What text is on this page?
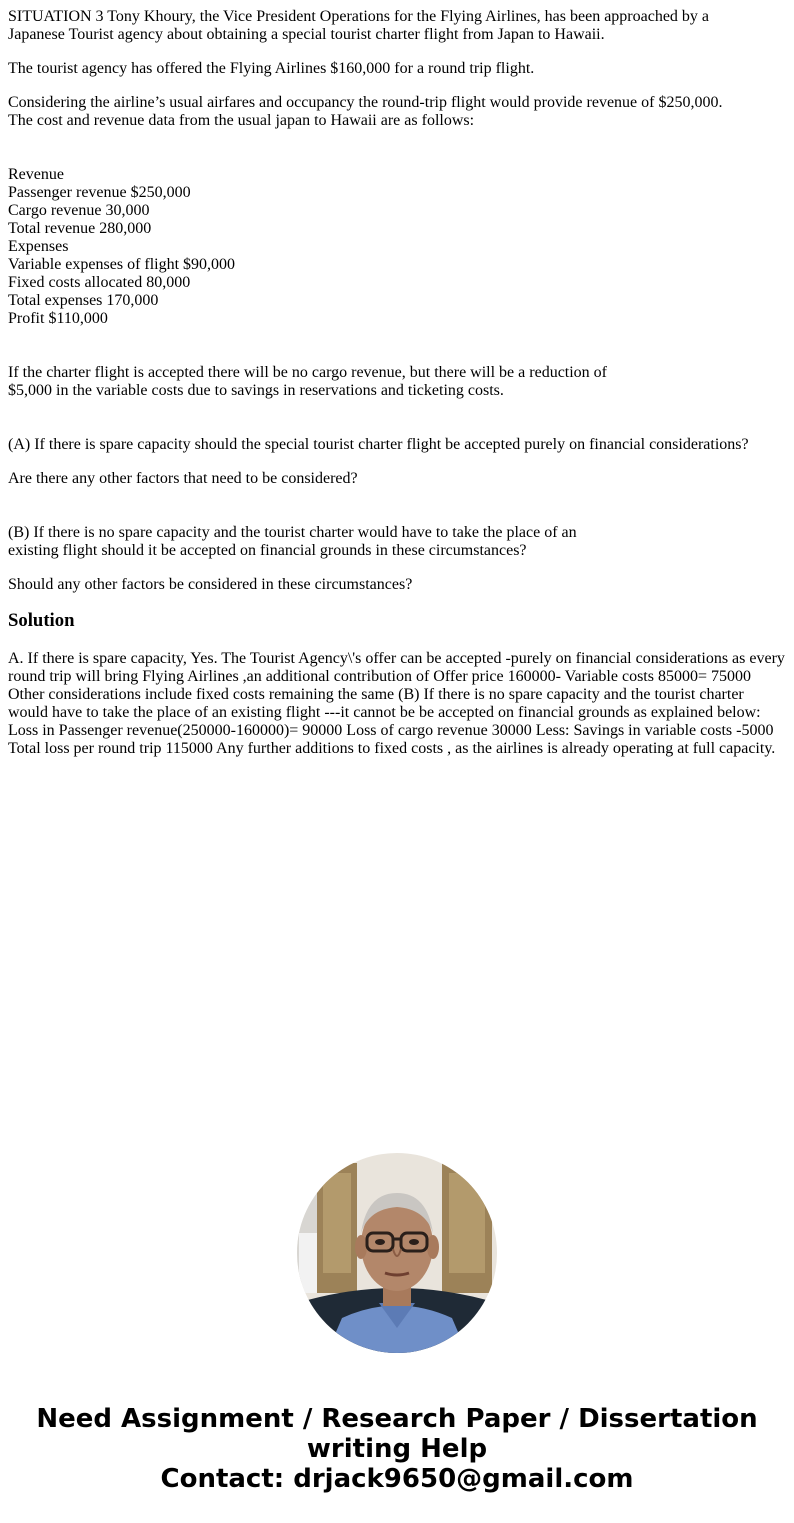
SITUATION 3 Tony Khoury, the Vice President Operations for the Flying Airlines, has been approached by a
Japanese Tourist agency about obtaining a special tourist charter flight from Japan to Hawaii.

The tourist agency has offered the Flying Airlines $160,000 for a round trip flight.

Considering the airline’s usual airfares and occupancy the round-trip flight would provide revenue of $250,000.
The cost and revenue data from the usual japan to Hawaii are as follows:

Revenue

Passenger revenue $250,000

Cargo revenue 30,000

Total revenue 280,000

Expenses

Variable expenses of flight $90,000

Fixed costs allocated 80,000

Total expenses 170,000

Profit $110,000

If the charter flight is accepted there will be no cargo revenue, but there will be a reduction of
$5,000 in the variable costs due to savings in reservations and ticketing costs.

(A) If there is spare capacity should the special tourist charter flight be accepted purely on financial considerations?

Are there any other factors that need to be considered?

(B) If there is no spare capacity and the tourist charter would have to take the place of an
existing flight should it be accepted on financial grounds in these circumstances?

Should any other factors be considered in these circumstances?

Solution

A. If there is spare capacity, Yes. The Tourist Agency\'s offer can be accepted -purely on financial considerations as every
round trip will bring Flying Airlines ,an additional contribution of Offer price 160000- Variable costs 85000= 75000
Other considerations include fixed costs remaining the same (B) If there is no spare capacity and the tourist charter
would have to take the place of an existing flight ---it cannot be be accepted on financial grounds as explained below:
Loss in Passenger revenue(250000-160000)= 90000 Loss of cargo revenue 30000 Less: Savings in variable costs -5000
Total loss per round trip 115000 Any further additions to fixed costs , as the airlines is already operating at full capacity.

Need Assignment / Research Paper / Dissertation
writing Help
Contact: drjack9650@gmail.com
